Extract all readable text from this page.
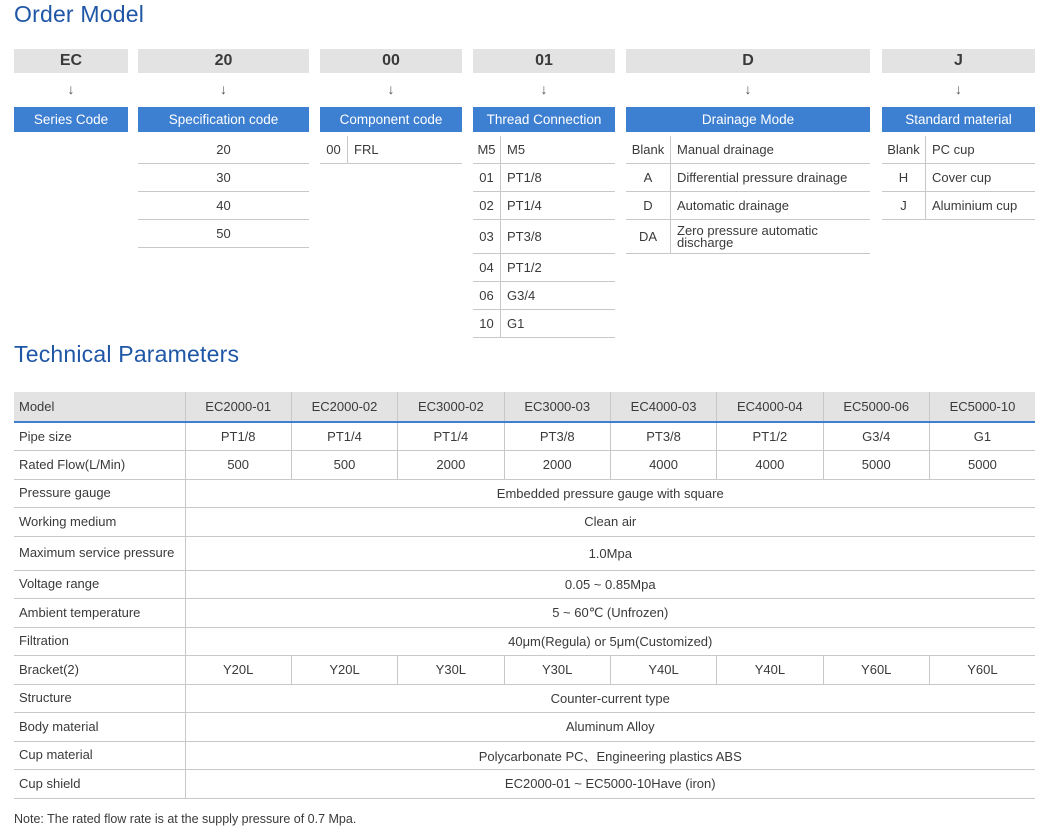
Order Model
EC
↓
Series Code
20
↓
Specification code
20
30
40
50
00
↓
Component code
00	FRL
01
↓
Thread Connection
M5 M5
01	PT1/8
02	PT1/4
03	PT3/8
04	PT1/2
06	G3/4
10	G1
D
↓
Drainage Mode
Blank Manual drainage
A	Differential pressure drainage
D	Automatic drainage
DA	Zero pressure automatic discharge
J
↓
Standard material
Blank PC cup
H	Cover cup
J	Aluminium cup
Technical Parameters
Model	EC2000-01	EC2000-02	EC3000-02	EC3000-03	EC4000-03	EC4000-04	EC5000-06	EC5000-10
Pipe size	PT1/8	PT1/4	PT1/4	PT3/8	PT3/8	PT1/2	G3/4	G1
Rated Flow(L/Min)	500	500	2000	2000	4000	4000	5000	5000
Pressure gauge	Embedded pressure gauge with square							
Working medium	Clean air							
Maximum service pressure	1.0Mpa							
Voltage range	0.05 ~ 0.85Mpa							
Ambient temperature	5 ~ 60℃ (Unfrozen)							
Filtration	40μm(Regula) or 5μm(Customized)							
Bracket(2)	Y20L	Y20L	Y30L	Y30L	Y40L	Y40L	Y60L	Y60L
Structure	Counter-current type							
Body material	Aluminum Alloy							
Cup material	Polycarbonate PC、Engineering plastics ABS							
Cup shield	EC2000-01 ~ EC5000-10Have (iron)							
Note: The rated flow rate is at the supply pressure of 0.7 Mpa.
